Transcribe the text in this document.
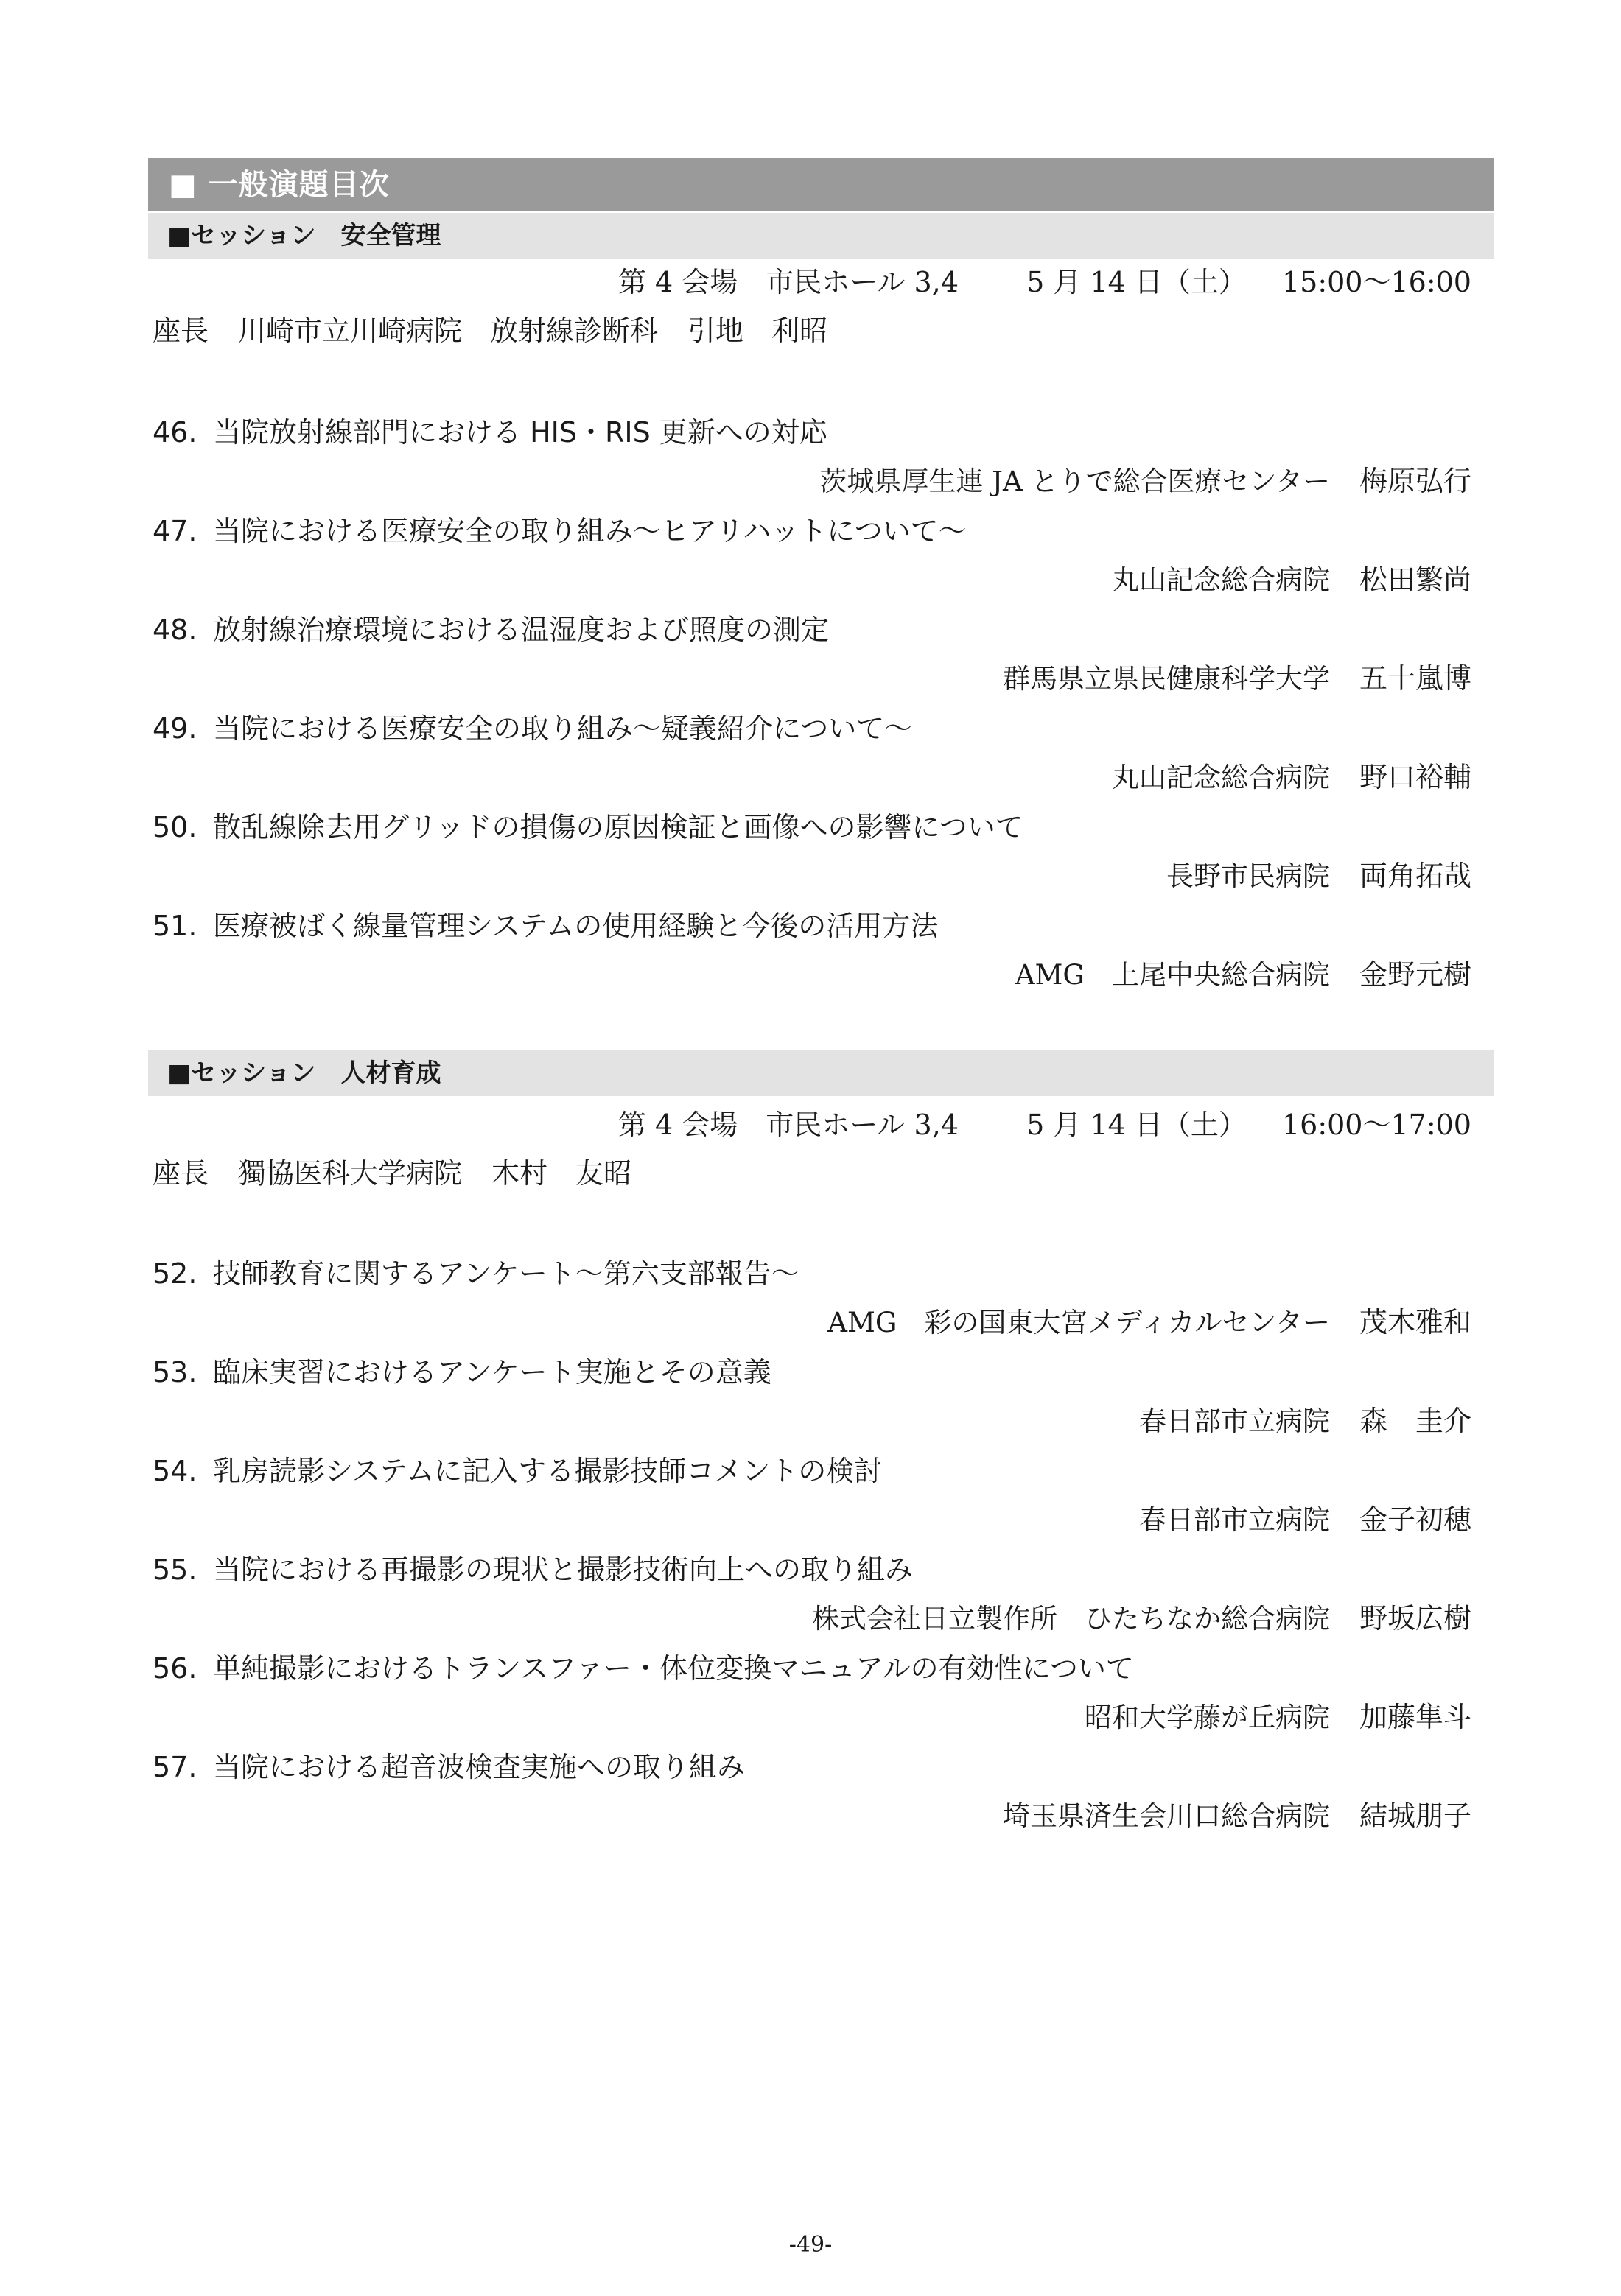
■ 一般演題目次
■セッション　安全管理
第 4 会場　市民ホール 3,4 5 月 14 日（土） 15:00〜16:00
座長 川崎市立川崎病院　放射線診断科 引地　利昭
46. 当院放射線部門における HIS・RIS 更新への対応
茨城県厚生連 JA とりで総合医療センター 梅原弘行
47. 当院における医療安全の取り組み〜ヒアリハットについて〜
丸山記念総合病院 松田繁尚
48. 放射線治療環境における温湿度および照度の測定
群馬県立県民健康科学大学 五十嵐博
49. 当院における医療安全の取り組み〜疑義紹介について〜
丸山記念総合病院 野口裕輔
50. 散乱線除去用グリッドの損傷の原因検証と画像への影響について
長野市民病院 両角拓哉
51. 医療被ばく線量管理システムの使用経験と今後の活用方法
AMG　上尾中央総合病院 金野元樹
■セッション　人材育成
第 4 会場　市民ホール 3,4 5 月 14 日（土） 16:00〜17:00
座長 獨協医科大学病院 木村　友昭
52. 技師教育に関するアンケート〜第六支部報告〜
AMG　彩の国東大宮メディカルセンター 茂木雅和
53. 臨床実習におけるアンケート実施とその意義
春日部市立病院 森　圭介
54. 乳房読影システムに記入する撮影技師コメントの検討
春日部市立病院 金子初穂
55. 当院における再撮影の現状と撮影技術向上への取り組み
株式会社日立製作所　ひたちなか総合病院 野坂広樹
56. 単純撮影におけるトランスファー・体位変換マニュアルの有効性について
昭和大学藤が丘病院 加藤隼斗
57. 当院における超音波検査実施への取り組み
埼玉県済生会川口総合病院 結城朋子
-49-
